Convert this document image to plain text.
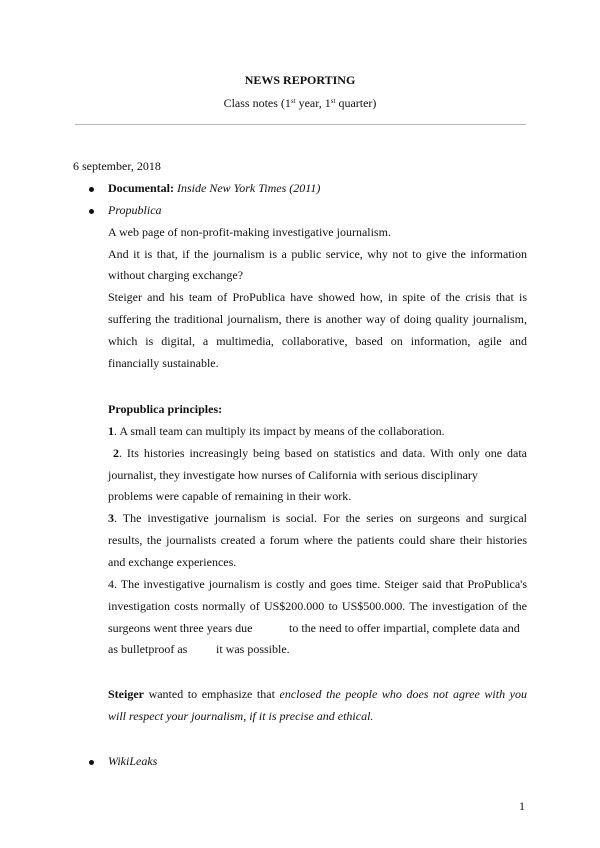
NEWS REPORTING
Class notes (1st year, 1st quarter)
6 september, 2018
Documental: Inside New York Times (2011)
Propublica
A web page of non-profit-making investigative journalism.
And it is that, if the journalism is a public service, why not to give the information
without charging exchange?
Steiger and his team of ProPublica have showed how, in spite of the crisis that is
suffering the traditional journalism, there is another way of doing quality journalism,
which is digital, a multimedia, collaborative, based on information, agile and
financially sustainable.
Propublica principles:
1. A small team can multiply its impact by means of the collaboration.
2. Its histories increasingly being based on statistics and data. With only one data
journalist, they investigate how nurses of California with serious disciplinary
problems were capable of remaining in their work.
3. The investigative journalism is social. For the series on surgeons and surgical
results, the journalists created a forum where the patients could share their histories
and exchange experiences.
4. The investigative journalism is costly and goes time. Steiger said that ProPublica's
investigation costs normally of US$200.000 to US$500.000. The investigation of the
surgeons went three years due	to the need to offer impartial, complete data and
as bulletproof as it was possible.
Steiger wanted to emphasize that enclosed the people who does not agree with you
will respect your journalism, if it is precise and ethical.
WikiLeaks
1
